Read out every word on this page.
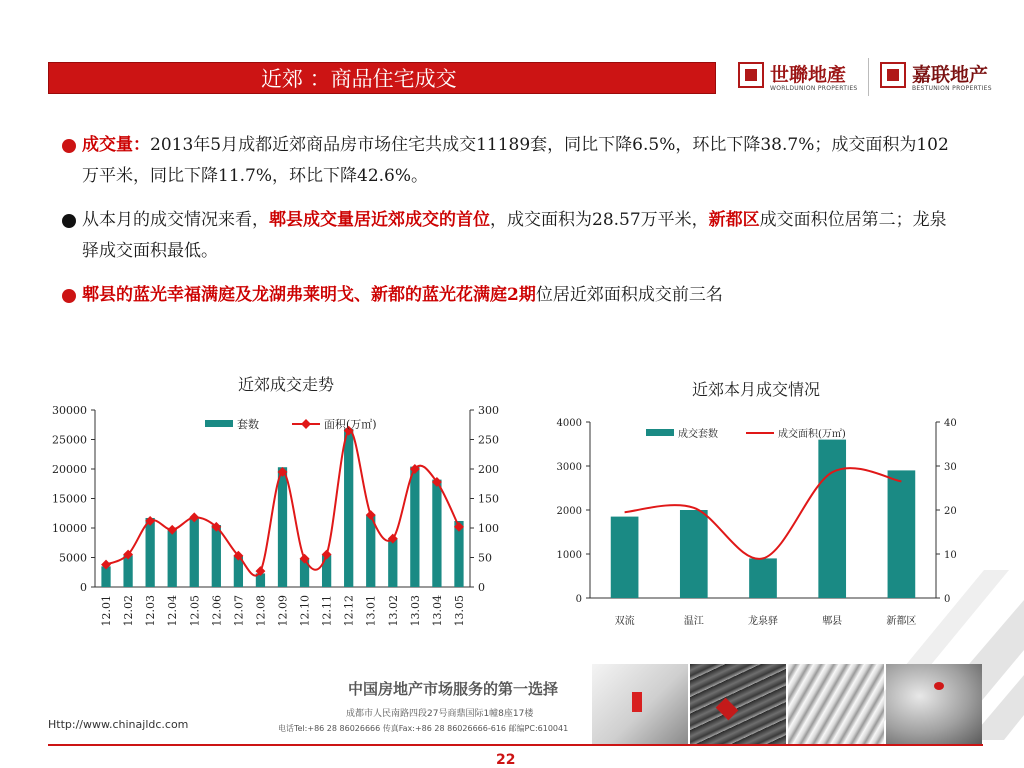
近郊 ：商品住宅成交	世聯地產
WORLDUNION PROPERTIES
嘉联地产
BESTUNION PROPERTIES
成交量：2013年5月成都近郊商品房市场住宅共成交11189套，同比下降6.5%，环比下降38.7%；成交面积为102万平米，同比下降11.7%，环比下降42.6%。
从本月的成交情况来看，郫县成交量居近郊成交的首位，成交面积为28.57万平米，新都区成交面积位居第二；龙泉驿成交面积最低。
郫县的蓝光幸福满庭及龙湖弗莱明戈、新都的蓝光花满庭2期位居近郊面积成交前三名
近郊成交走势	近郊本月成交情况
30000
25000
20000
15000
10000
5000
0
300
250
200
150
100
50
0
12.01 12.02 12.03 12.04 12.05 12.06 12.07 12.08 12.09 12.10 12.11 12.12 13.01 13.02 13.03 13.04 13.05
套数	面积(万㎡)	4000
3000
2000
1000
0
40
30
20
10
0
双流	温江	龙泉驿	郫县	新都区
成交套数	成交面积(万㎡)
中国房地产市场服务的第一选择
成都市人民南路四段27号商鼎国际1幢8座17楼
电话Tel:+86 28 86026666 传真Fax:+86 28 86026666-616 邮编PC:610041
Http://www.chinajldc.com
22
